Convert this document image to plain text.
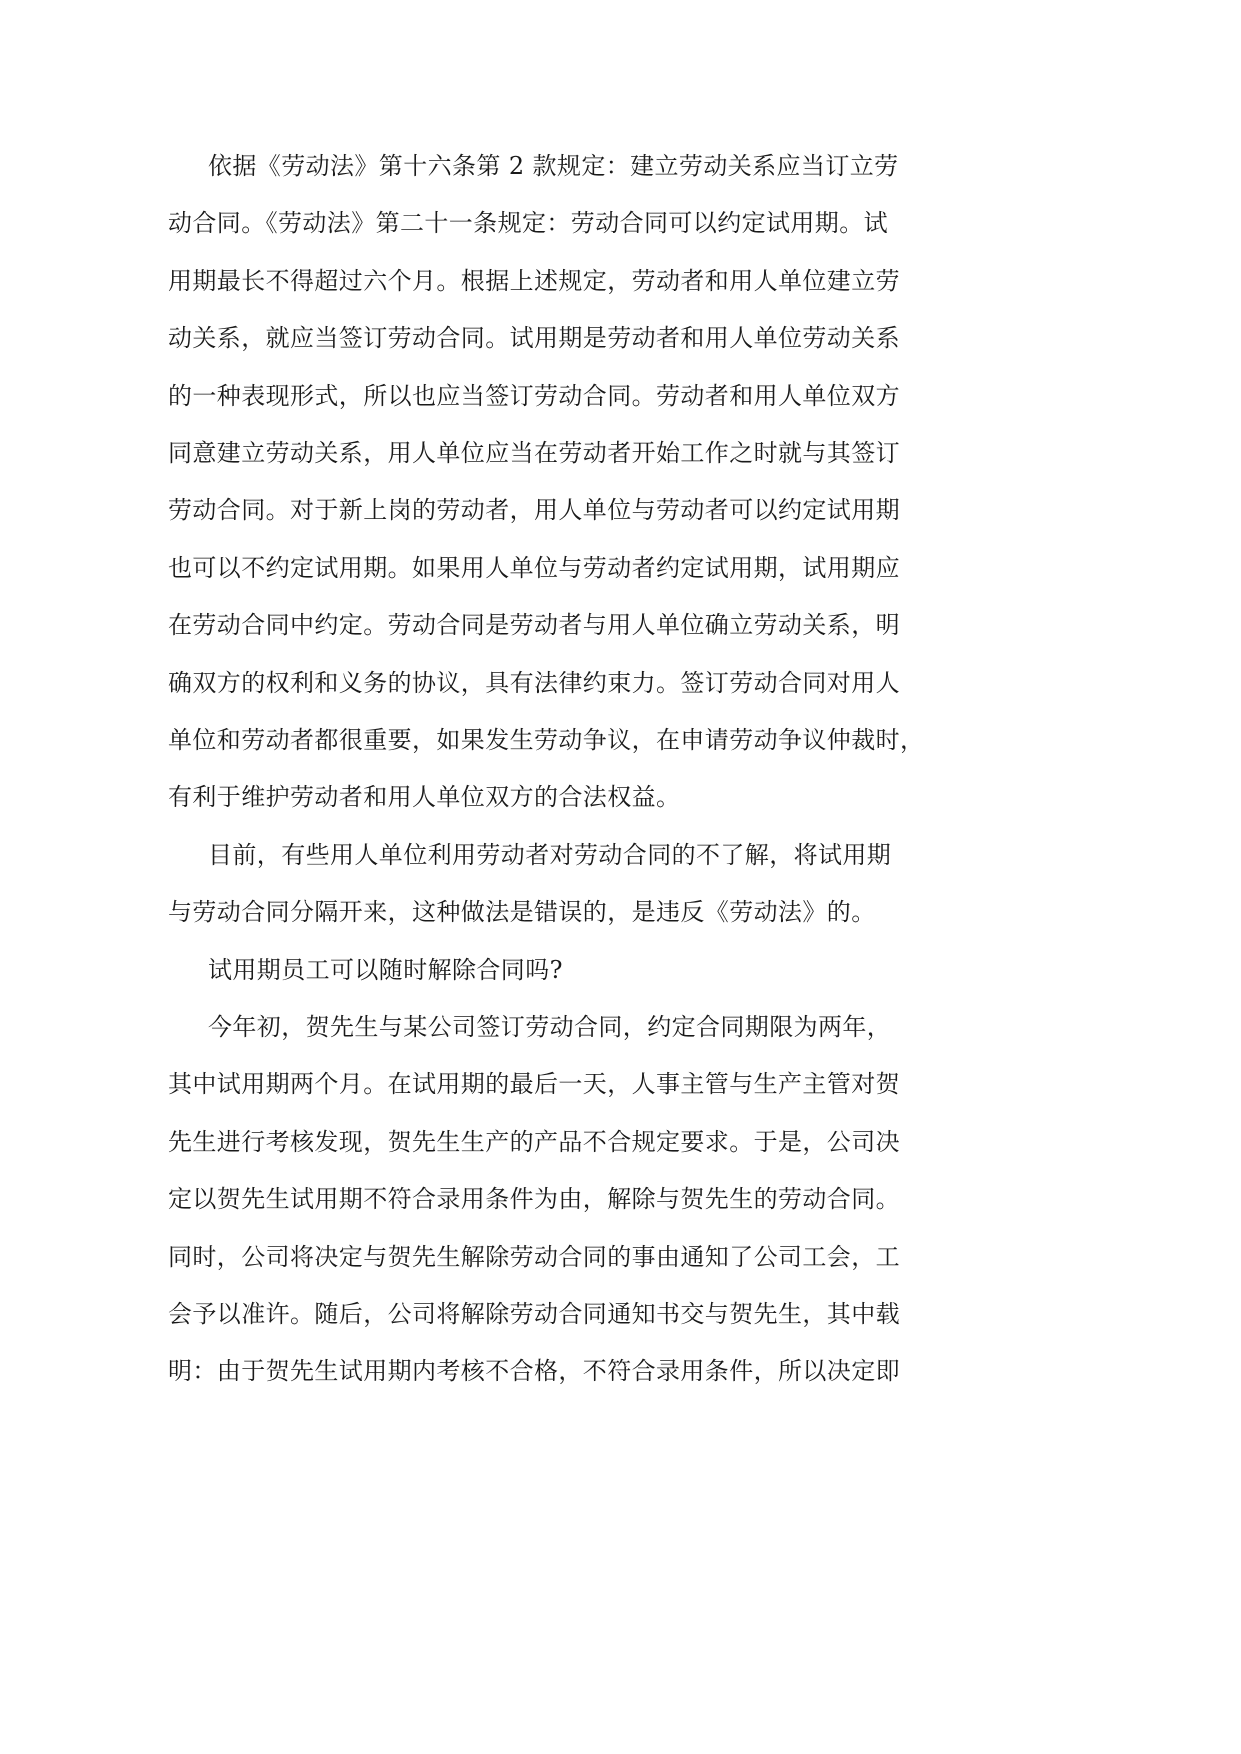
依据《劳动法》第十六条第 2 款规定：建立劳动关系应当订立劳
动合同。《劳动法》第二十一条规定：劳动合同可以约定试用期。试
用期最长不得超过六个月。根据上述规定，劳动者和用人单位建立劳
动关系，就应当签订劳动合同。试用期是劳动者和用人单位劳动关系
的一种表现形式，所以也应当签订劳动合同。劳动者和用人单位双方
同意建立劳动关系，用人单位应当在劳动者开始工作之时就与其签订
劳动合同。对于新上岗的劳动者，用人单位与劳动者可以约定试用期
也可以不约定试用期。如果用人单位与劳动者约定试用期，试用期应
在劳动合同中约定。劳动合同是劳动者与用人单位确立劳动关系，明
确双方的权利和义务的协议，具有法律约束力。签订劳动合同对用人
单位和劳动者都很重要，如果发生劳动争议，在申请劳动争议仲裁时，
有利于维护劳动者和用人单位双方的合法权益。
目前，有些用人单位利用劳动者对劳动合同的不了解，将试用期
与劳动合同分隔开来，这种做法是错误的，是违反《劳动法》的。
试用期员工可以随时解除合同吗?
今年初，贺先生与某公司签订劳动合同，约定合同期限为两年，
其中试用期两个月。在试用期的最后一天，人事主管与生产主管对贺
先生进行考核发现，贺先生生产的产品不合规定要求。于是，公司决
定以贺先生试用期不符合录用条件为由，解除与贺先生的劳动合同。
同时，公司将决定与贺先生解除劳动合同的事由通知了公司工会，工
会予以准许。随后，公司将解除劳动合同通知书交与贺先生，其中载
明：由于贺先生试用期内考核不合格，不符合录用条件，所以决定即
